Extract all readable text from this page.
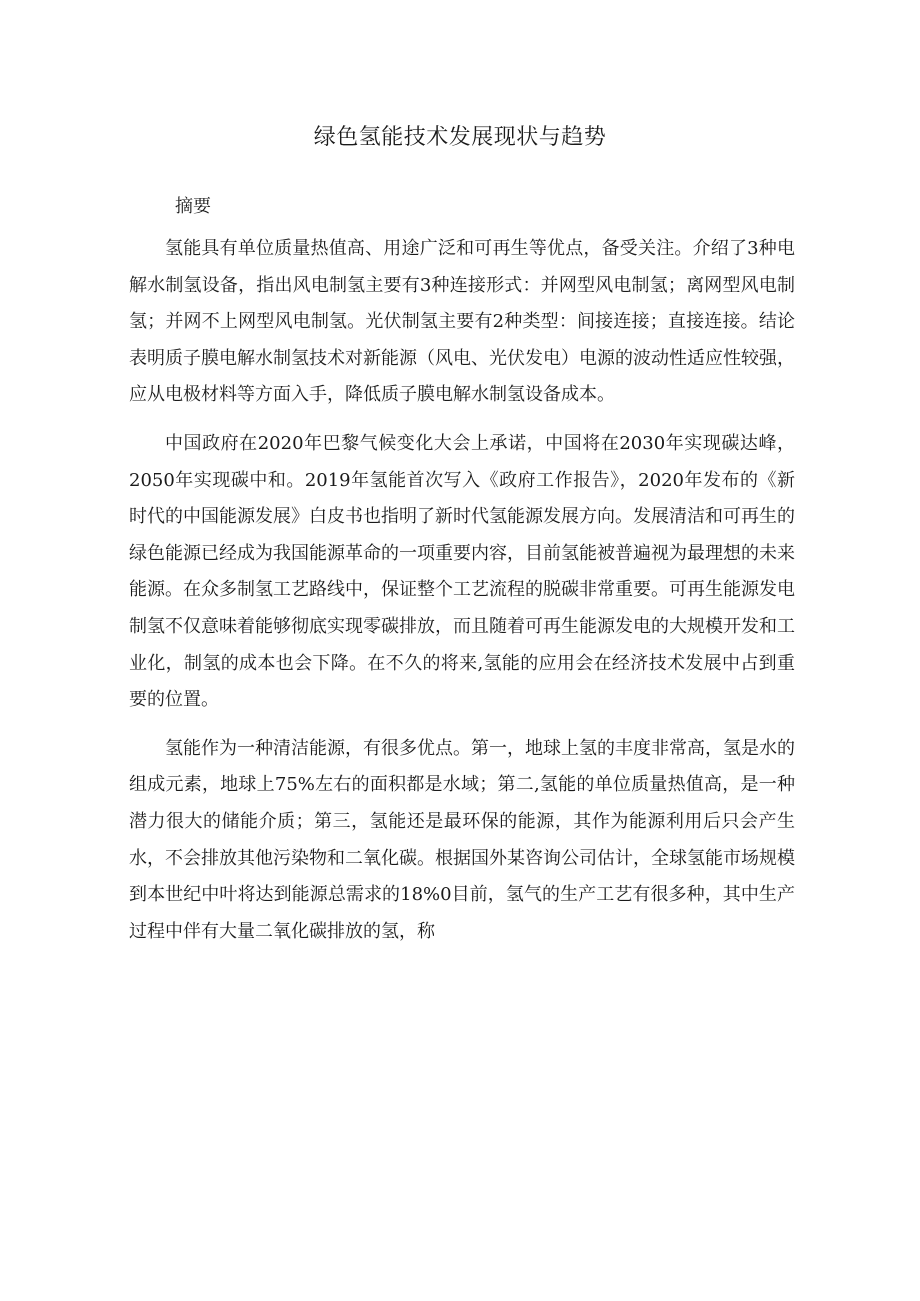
绿色氢能技术发展现状与趋势
摘要

氢能具有单位质量热值高、用途广泛和可再生等优点，备受关注。介绍了3种电解水制氢设备，指出风电制氢主要有3种连接形式：并网型风电制氢；离网型风电制氢；并网不上网型风电制氢。光伏制氢主要有2种类型：间接连接；直接连接。结论表明质子膜电解水制氢技术对新能源（风电、光伏发电）电源的波动性适应性较强，应从电极材料等方面入手，降低质子膜电解水制氢设备成本。

中国政府在2020年巴黎气候变化大会上承诺，中国将在2030年实现碳达峰，2050年实现碳中和。2019年氢能首次写入《政府工作报告》，2020年发布的《新时代的中国能源发展》白皮书也指明了新时代氢能源发展方向。发展清洁和可再生的绿色能源已经成为我国能源革命的一项重要内容，目前氢能被普遍视为最理想的未来能源。在众多制氢工艺路线中，保证整个工艺流程的脱碳非常重要。可再生能源发电制氢不仅意味着能够彻底实现零碳排放，而且随着可再生能源发电的大规模开发和工业化，制氢的成本也会下降。在不久的将来,氢能的应用会在经济技术发展中占到重要的位置。

氢能作为一种清洁能源，有很多优点。第一，地球上氢的丰度非常高，氢是水的组成元素，地球上75%左右的面积都是水域；第二,氢能的单位质量热值高，是一种潜力很大的储能介质；第三，氢能还是最环保的能源，其作为能源利用后只会产生水，不会排放其他污染物和二氧化碳。根据国外某咨询公司估计，全球氢能市场规模到本世纪中叶将达到能源总需求的18%0目前，氢气的生产工艺有很多种，其中生产过程中伴有大量二氧化碳排放的氢，称
